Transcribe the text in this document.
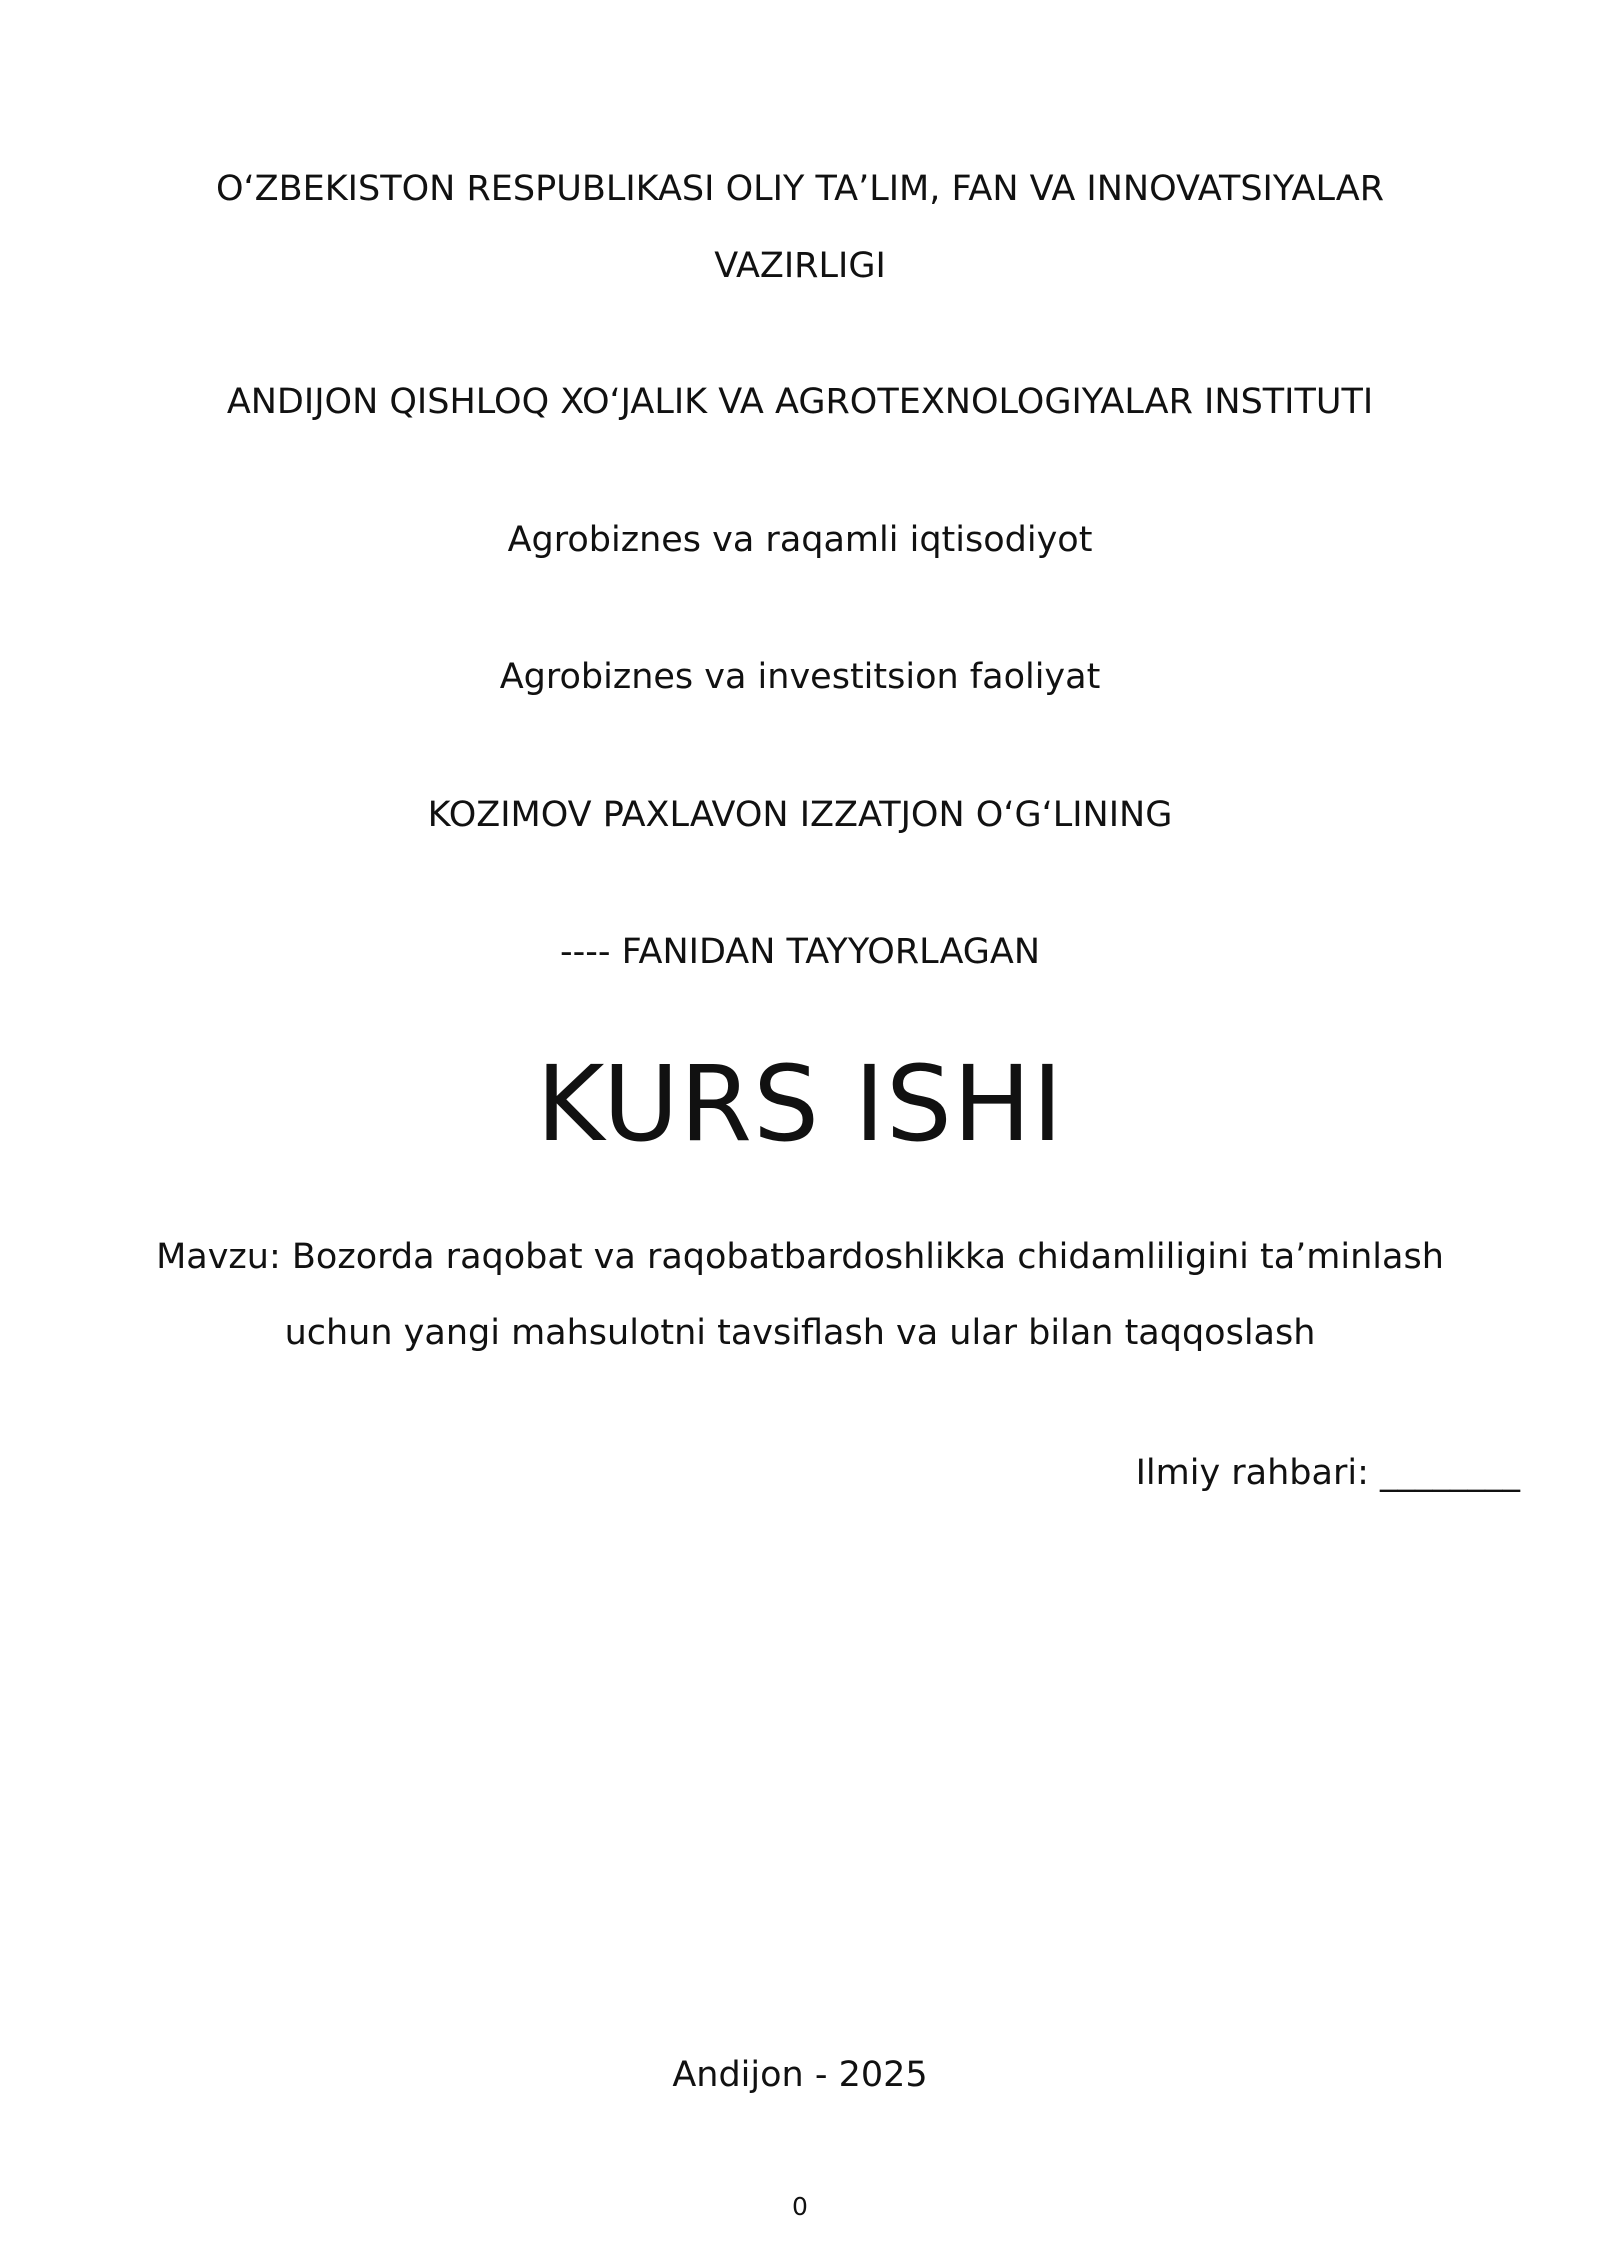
O‘ZBEKISTON RESPUBLIKASI OLIY TA’LIM, FAN VA INNOVATSIYALAR
VAZIRLIGI
ANDIJON QISHLOQ XO‘JALIK VA AGROTEXNOLOGIYALAR INSTITUTI
Agrobiznes va raqamli iqtisodiyot
Agrobiznes va investitsion faoliyat
KOZIMOV PAXLAVON IZZATJON O‘G‘LINING
---- FANIDAN TAYYORLAGAN
KURS ISHI
Mavzu: Bozorda raqobat va raqobatbardoshlikka chidamliligini ta’minlash
uchun yangi mahsulotni tavsiflash va ular bilan taqqoslash
Ilmiy rahbari: ________
Andijon - 2025
0
